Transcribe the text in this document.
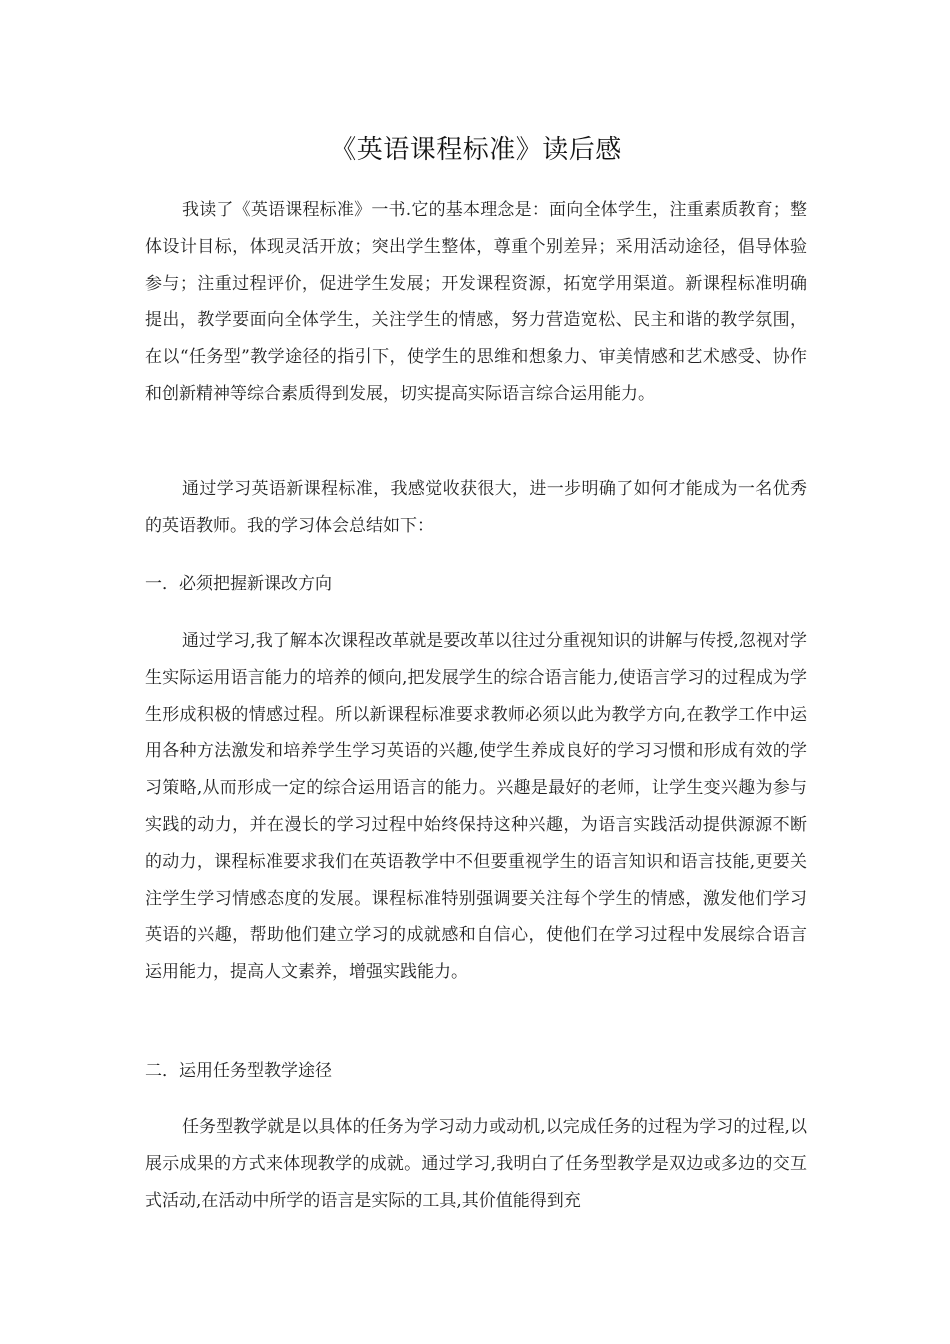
《英语课程标准》读后感

我读了《英语课程标准》一书.它的基本理念是：面向全体学生，注重素质教育；整体设计目标，体现灵活开放；突出学生整体，尊重个别差异；采用活动途径，倡导体验参与；注重过程评价，促进学生发展；开发课程资源，拓宽学用渠道。新课程标准明确提出，教学要面向全体学生，关注学生的情感，努力营造宽松、民主和谐的教学氛围，在以“任务型”教学途径的指引下，使学生的思维和想象力、审美情感和艺术感受、协作和创新精神等综合素质得到发展，切实提高实际语言综合运用能力。

通过学习英语新课程标准，我感觉收获很大，进一步明确了如何才能成为一名优秀的英语教师。我的学习体会总结如下：

一．必须把握新课改方向

通过学习,我了解本次课程改革就是要改革以往过分重视知识的讲解与传授,忽视对学生实际运用语言能力的培养的倾向,把发展学生的综合语言能力,使语言学习的过程成为学生形成积极的情感过程。所以新课程标准要求教师必须以此为教学方向,在教学工作中运用各种方法激发和培养学生学习英语的兴趣,使学生养成良好的学习习惯和形成有效的学习策略,从而形成一定的综合运用语言的能力。兴趣是最好的老师，让学生变兴趣为参与实践的动力，并在漫长的学习过程中始终保持这种兴趣，为语言实践活动提供源源不断的动力，课程标准要求我们在英语教学中不但要重视学生的语言知识和语言技能,更要关注学生学习情感态度的发展。课程标准特别强调要关注每个学生的情感，激发他们学习英语的兴趣，帮助他们建立学习的成就感和自信心，使他们在学习过程中发展综合语言运用能力，提高人文素养，增强实践能力。

二．运用任务型教学途径

任务型教学就是以具体的任务为学习动力或动机,以完成任务的过程为学习的过程,以展示成果的方式来体现教学的成就。通过学习,我明白了任务型教学是双边或多边的交互式活动,在活动中所学的语言是实际的工具,其价值能得到充
